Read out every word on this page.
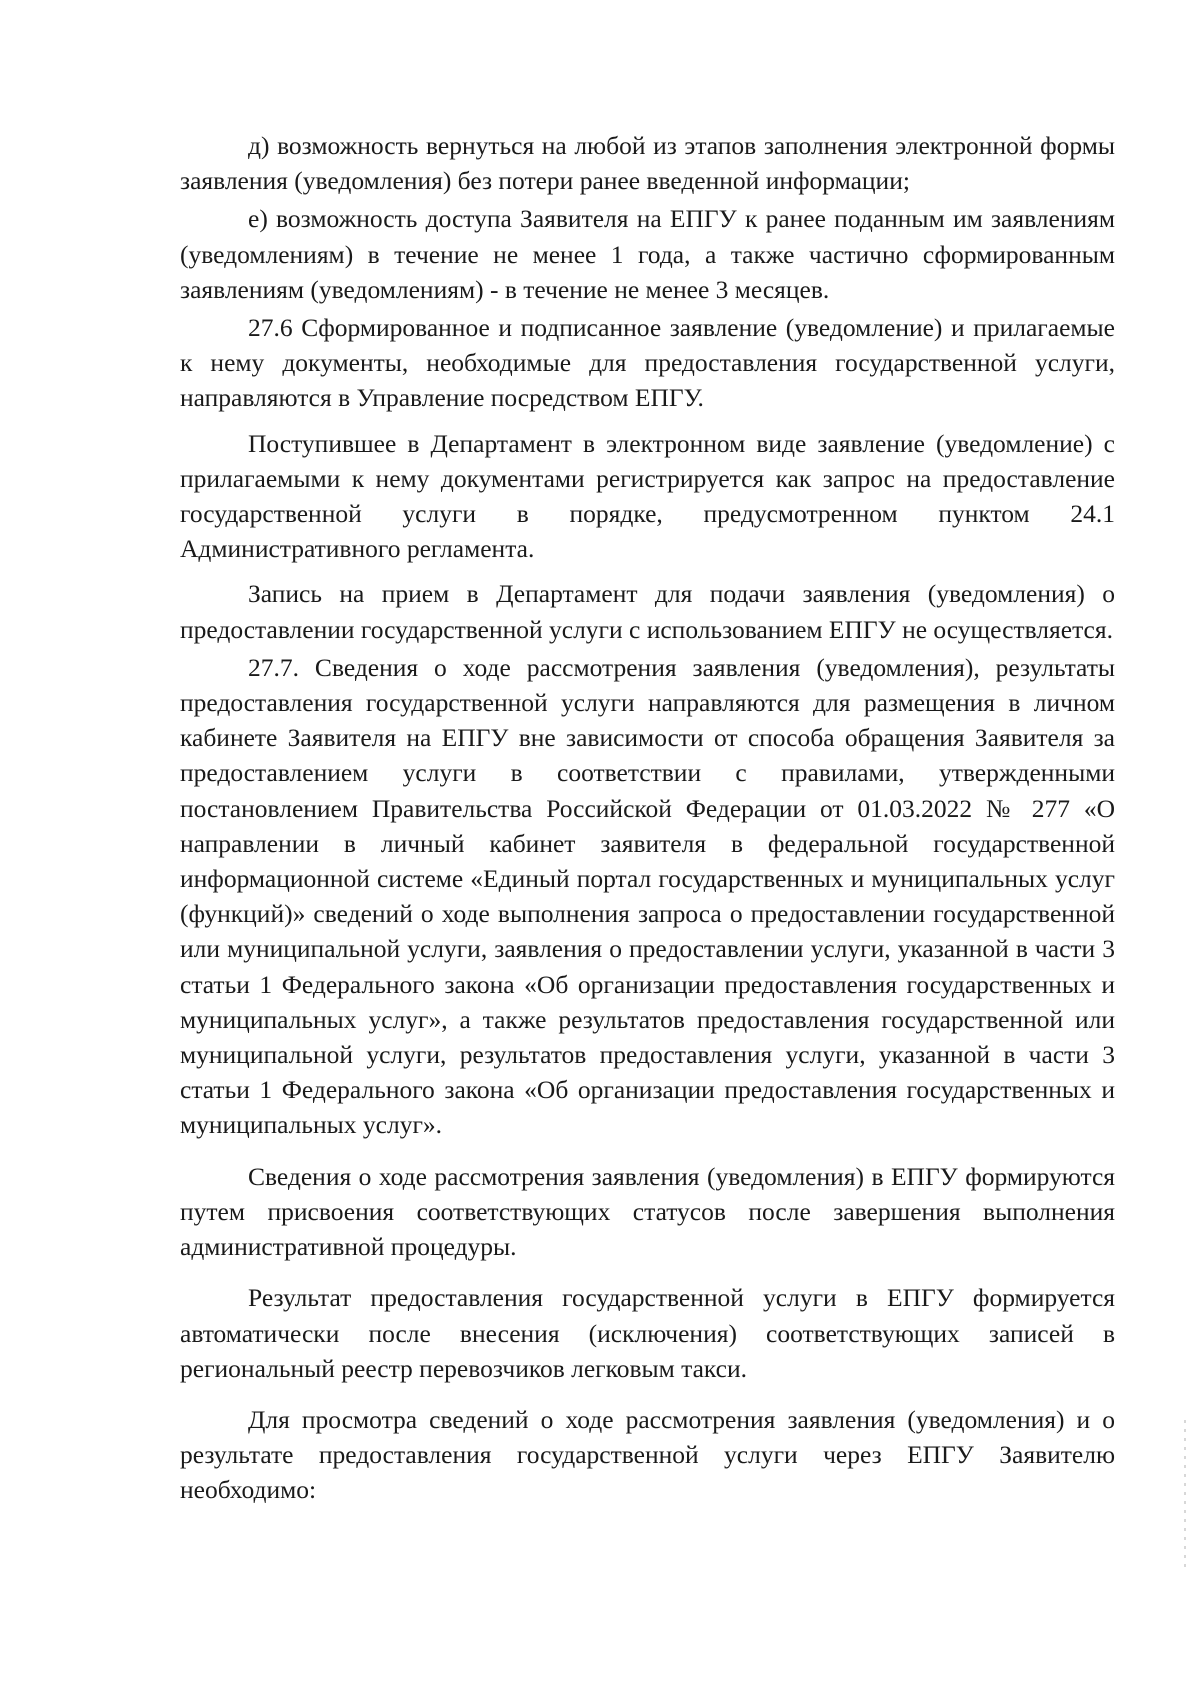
д) возможность вернуться на любой из этапов заполнения электронной формы заявления (уведомления) без потери ранее введенной информации;

е) возможность доступа Заявителя на ЕПГУ к ранее поданным им заявлениям (уведомлениям) в течение не менее 1 года, а также частично сформированным заявлениям (уведомлениям) - в течение не менее 3 месяцев.

27.6 Сформированное и подписанное заявление (уведомление) и прилагаемые к нему документы, необходимые для предоставления государственной услуги, направляются в Управление посредством ЕПГУ.

Поступившее в Департамент в электронном виде заявление (уведомление) с прилагаемыми к нему документами регистрируется как запрос на предоставление государственной услуги в порядке, предусмотренном пунктом 24.1 Административного регламента.

Запись на прием в Департамент для подачи заявления (уведомления) о предоставлении государственной услуги с использованием ЕПГУ не осуществляется.

27.7. Сведения о ходе рассмотрения заявления (уведомления), результаты предоставления государственной услуги направляются для размещения в личном кабинете Заявителя на ЕПГУ вне зависимости от способа обращения Заявителя за предоставлением услуги в соответствии с правилами, утвержденными постановлением Правительства Российской Федерации от 01.03.2022 № 277 «О направлении в личный кабинет заявителя в федеральной государственной информационной системе «Единый портал государственных и муниципальных услуг (функций)» сведений о ходе выполнения запроса о предоставлении государственной или муниципальной услуги, заявления о предоставлении услуги, указанной в части 3 статьи 1 Федерального закона «Об организации предоставления государственных и муниципальных услуг», а также результатов предоставления государственной или муниципальной услуги, результатов предоставления услуги, указанной в части 3 статьи 1 Федерального закона «Об организации предоставления государственных и муниципальных услуг».

Сведения о ходе рассмотрения заявления (уведомления) в ЕПГУ формируются путем присвоения соответствующих статусов после завершения выполнения административной процедуры.

Результат предоставления государственной услуги в ЕПГУ формируется автоматически после внесения (исключения) соответствующих записей в региональный реестр перевозчиков легковым такси.

Для просмотра сведений о ходе рассмотрения заявления (уведомления) и о результате предоставления государственной услуги через ЕПГУ Заявителю необходимо:
